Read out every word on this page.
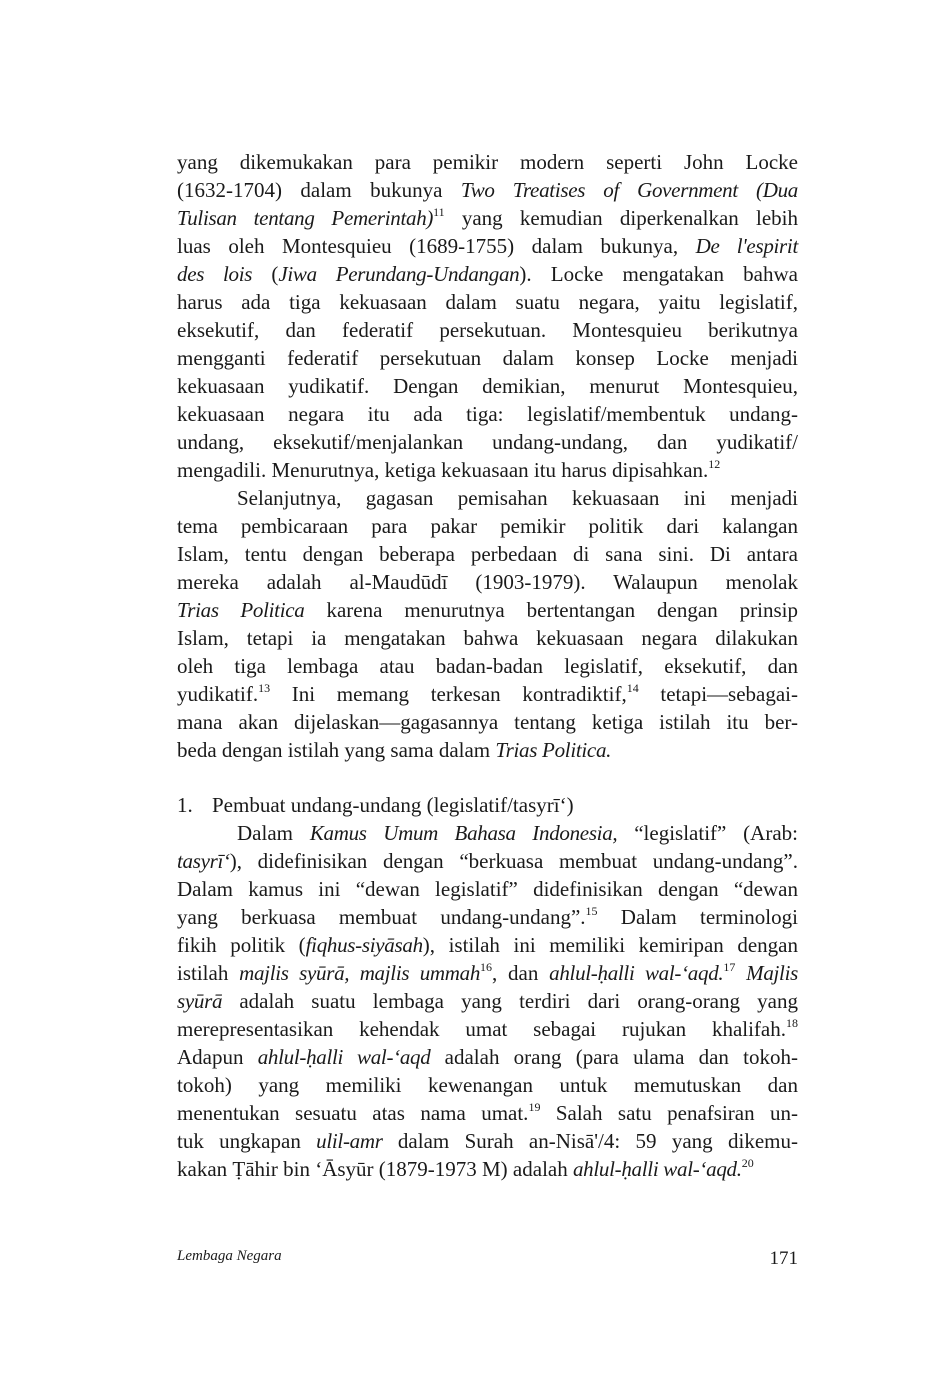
yang dikemukakan para pemikir modern seperti John Locke
(1632-1704) dalam bukunya Two Treatises of Government (Dua
Tulisan tentang Pemerintah)$^{11}$ yang kemudian diperkenalkan lebih
luas oleh Montesquieu (1689-1755) dalam bukunya, De l'espirit
des lois (Jiwa Perundang-Undangan). Locke mengatakan bahwa
harus ada tiga kekuasaan dalam suatu negara, yaitu legislatif,
eksekutif, dan federatif persekutuan. Montesquieu berikutnya
mengganti federatif persekutuan dalam konsep Locke menjadi
kekuasaan yudikatif. Dengan demikian, menurut Montesquieu,
kekuasaan negara itu ada tiga: legislatif/membentuk undang-
undang, eksekutif/menjalankan undang-undang, dan yudikatif/
mengadili. Menurutnya, ketiga kekuasaan itu harus dipisahkan.$^{12}$
Selanjutnya, gagasan pemisahan kekuasaan ini menjadi
tema pembicaraan para pakar pemikir politik dari kalangan
Islam, tentu dengan beberapa perbedaan di sana sini. Di antara
mereka adalah al-Maudūdī (1903-1979). Walaupun menolak
Trias Politica karena menurutnya bertentangan dengan prinsip
Islam, tetapi ia mengatakan bahwa kekuasaan negara dilakukan
oleh tiga lembaga atau badan-badan legislatif, eksekutif, dan
yudikatif.$^{13}$ Ini memang terkesan kontradiktif,$^{14}$ tetapi—sebagai-
mana akan dijelaskan—gagasannya tentang ketiga istilah itu ber-
beda dengan istilah yang sama dalam Trias Politica.
1. Pembuat undang-undang (legislatif/tasyrī‘)
Dalam Kamus Umum Bahasa Indonesia, “legislatif” (Arab:
tasyrī‘), didefinisikan dengan “berkuasa membuat undang-undang”.
Dalam kamus ini “dewan legislatif” didefinisikan dengan “dewan
yang berkuasa membuat undang-undang”.$^{15}$ Dalam terminologi
fikih politik (fiqhus-siyāsah), istilah ini memiliki kemiripan dengan
istilah majlis syūrā, majlis ummah$^{16}$, dan ahlul-ḥalli wal-‘aqd.$^{17}$ Majlis
syūrā adalah suatu lembaga yang terdiri dari orang-orang yang
merepresentasikan kehendak umat sebagai rujukan khalifah.$^{18}$
Adapun ahlul-ḥalli wal-‘aqd adalah orang (para ulama dan tokoh-
tokoh) yang memiliki kewenangan untuk memutuskan dan
menentukan sesuatu atas nama umat.$^{19}$ Salah satu penafsiran un-
tuk ungkapan ulil-amr dalam Surah an-Nisā'/4: 59 yang dikemu-
kakan Ṭāhir bin ‘Āsyūr (1879-1973 M) adalah ahlul-ḥalli wal-‘aqd.$^{20}$
Lembaga Negara	171
